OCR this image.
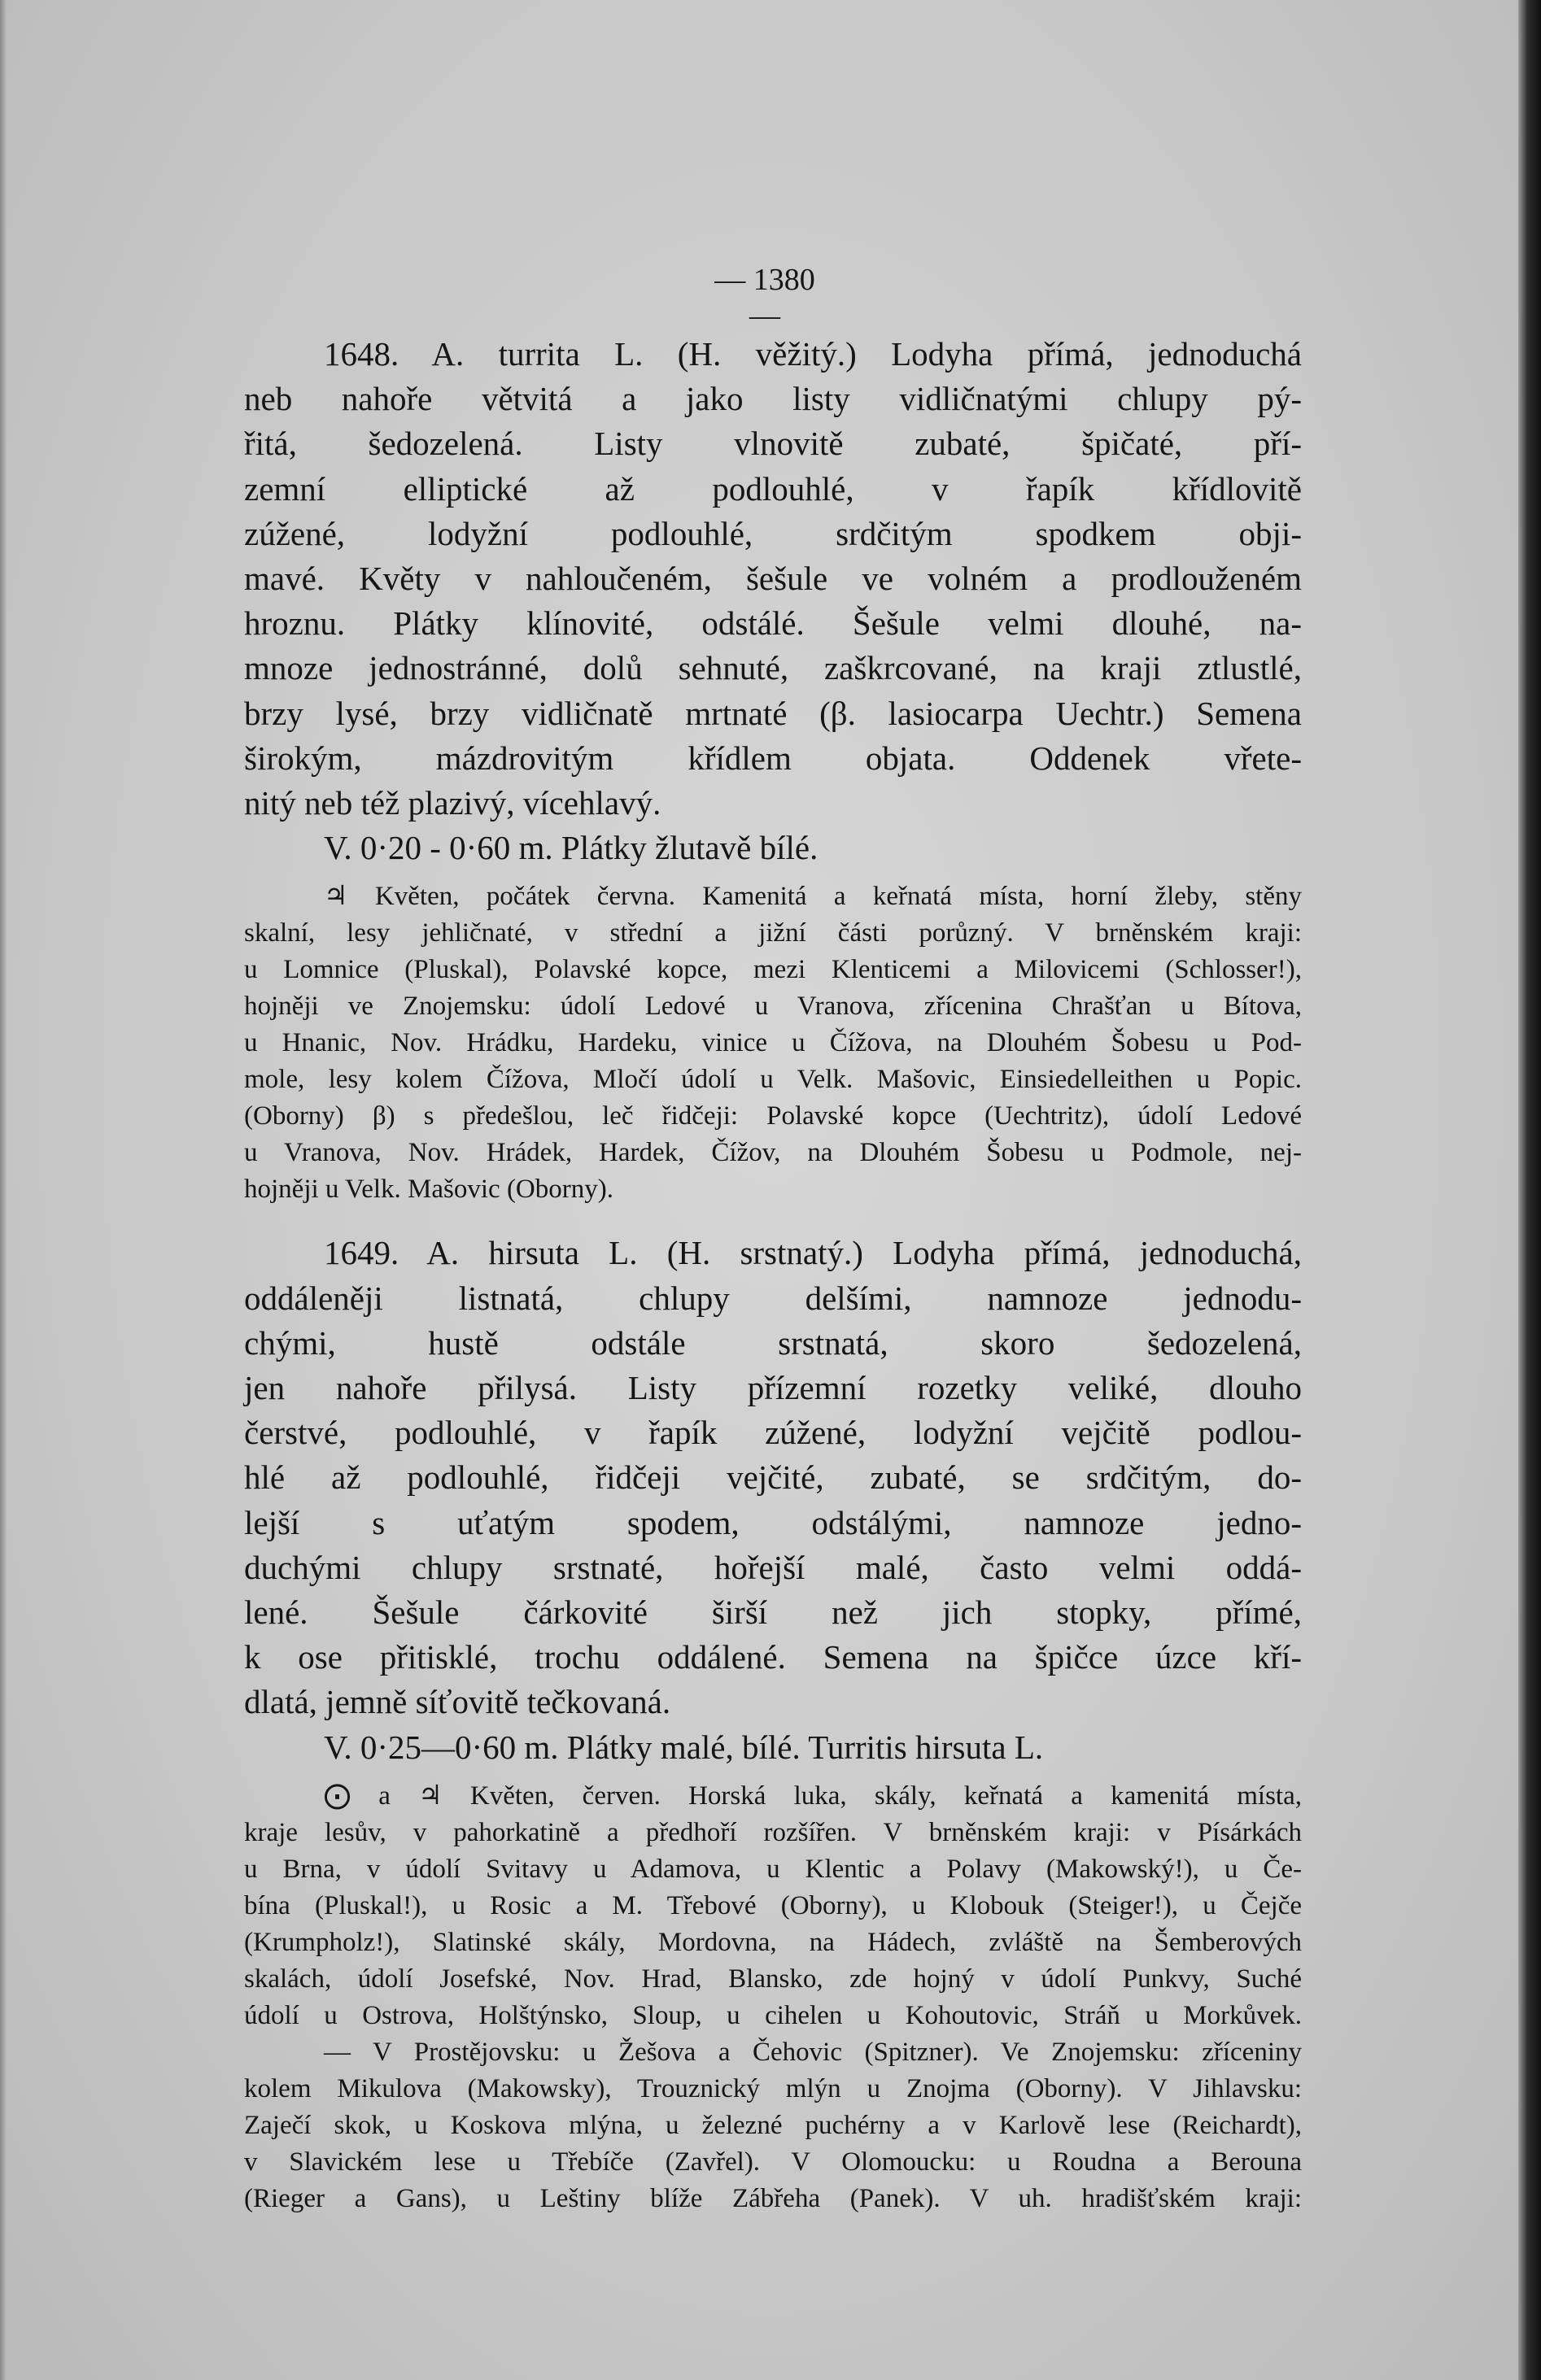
— 1380 —

1648. A. turrita L. (H. věžitý.) Lodyha přímá, jednoduchá

neb nahoře větvitá a jako listy vidličnatými chlupy pý-

řitá, šedozelená. Listy vlnovitě zubaté, špičaté, pří-

zemní elliptické až podlouhlé, v řapík křídlovitě

zúžené, lodyžní podlouhlé, srdčitým spodkem obji-

mavé. Květy v nahloučeném, šešule ve volném a prodlouženém

hroznu. Plátky klínovité, odstálé. Šešule velmi dlouhé, na-

mnoze jednostránné, dolů sehnuté, zaškrcované, na kraji ztlustlé,

brzy lysé, brzy vidličnatě mrtnaté (β. lasiocarpa Uechtr.) Semena

širokým, mázdrovitým křídlem objata. Oddenek vřete-

nitý neb též plazivý, vícehlavý.

V. 0·20 - 0·60 m. Plátky žlutavě bílé.

♃ Květen, počátek června. Kamenitá a keřnatá místa, horní žleby, stěny

skalní, lesy jehličnaté, v střední a jižní části porůzný. V brněnském kraji:

u Lomnice (Pluskal), Polavské kopce, mezi Klenticemi a Milovicemi (Schlosser!),

hojněji ve Znojemsku: údolí Ledové u Vranova, zřícenina Chrašťan u Bítova,

u Hnanic, Nov. Hrádku, Hardeku, vinice u Čížova, na Dlouhém Šobesu u Pod-

mole, lesy kolem Čížova, Mločí údolí u Velk. Mašovic, Einsiedelleithen u Popic.

(Oborny) β) s předešlou, leč řidčeji: Polavské kopce (Uechtritz), údolí Ledové

u Vranova, Nov. Hrádek, Hardek, Čížov, na Dlouhém Šobesu u Podmole, nej-

hojněji u Velk. Mašovic (Oborny).

1649. A. hirsuta L. (H. srstnatý.) Lodyha přímá, jednoduchá,

oddáleněji listnatá, chlupy delšími, namnoze jednodu-

chými, hustě odstále srstnatá, skoro šedozelená,

jen nahoře přilysá. Listy přízemní rozetky veliké, dlouho

čerstvé, podlouhlé, v řapík zúžené, lodyžní vejčitě podlou-

hlé až podlouhlé, řidčeji vejčité, zubaté, se srdčitým, do-

lejší s uťatým spodem, odstálými, namnoze jedno-

duchými chlupy srstnaté, hořejší malé, často velmi oddá-

lené. Šešule čárkovité širší než jich stopky, přímé,

k ose přitisklé, trochu oddálené. Semena na špičce úzce kří-

dlatá, jemně síťovitě tečkovaná.

V. 0·25—0·60 m. Plátky malé, bílé. Turritis hirsuta L.

⨀ a ♃ Květen, červen. Horská luka, skály, keřnatá a kamenitá místa,

kraje lesův, v pahorkatině a předhoří rozšířen. V brněnském kraji: v Písárkách

u Brna, v údolí Svitavy u Adamova, u Klentic a Polavy (Makowský!), u Če-

bína (Pluskal!), u Rosic a M. Třebové (Oborny), u Klobouk (Steiger!), u Čejče

(Krumpholz!), Slatinské skály, Mordovna, na Hádech, zvláště na Šemberových

skalách, údolí Josefské, Nov. Hrad, Blansko, zde hojný v údolí Punkvy, Suché

údolí u Ostrova, Holštýnsko, Sloup, u cihelen u Kohoutovic, Stráň u Morkůvek.

— V Prostějovsku: u Žešova a Čehovic (Spitzner). Ve Znojemsku: zříceniny

kolem Mikulova (Makowsky), Trouznický mlýn u Znojma (Oborny). V Jihlavsku:

Zaječí skok, u Koskova mlýna, u železné puchérny a v Karlově lese (Reichardt),

v Slavickém lese u Třebíče (Zavřel). V Olomoucku: u Roudna a Berouna

(Rieger a Gans), u Leštiny blíže Zábřeha (Panek). V uh. hradišťském kraji:
